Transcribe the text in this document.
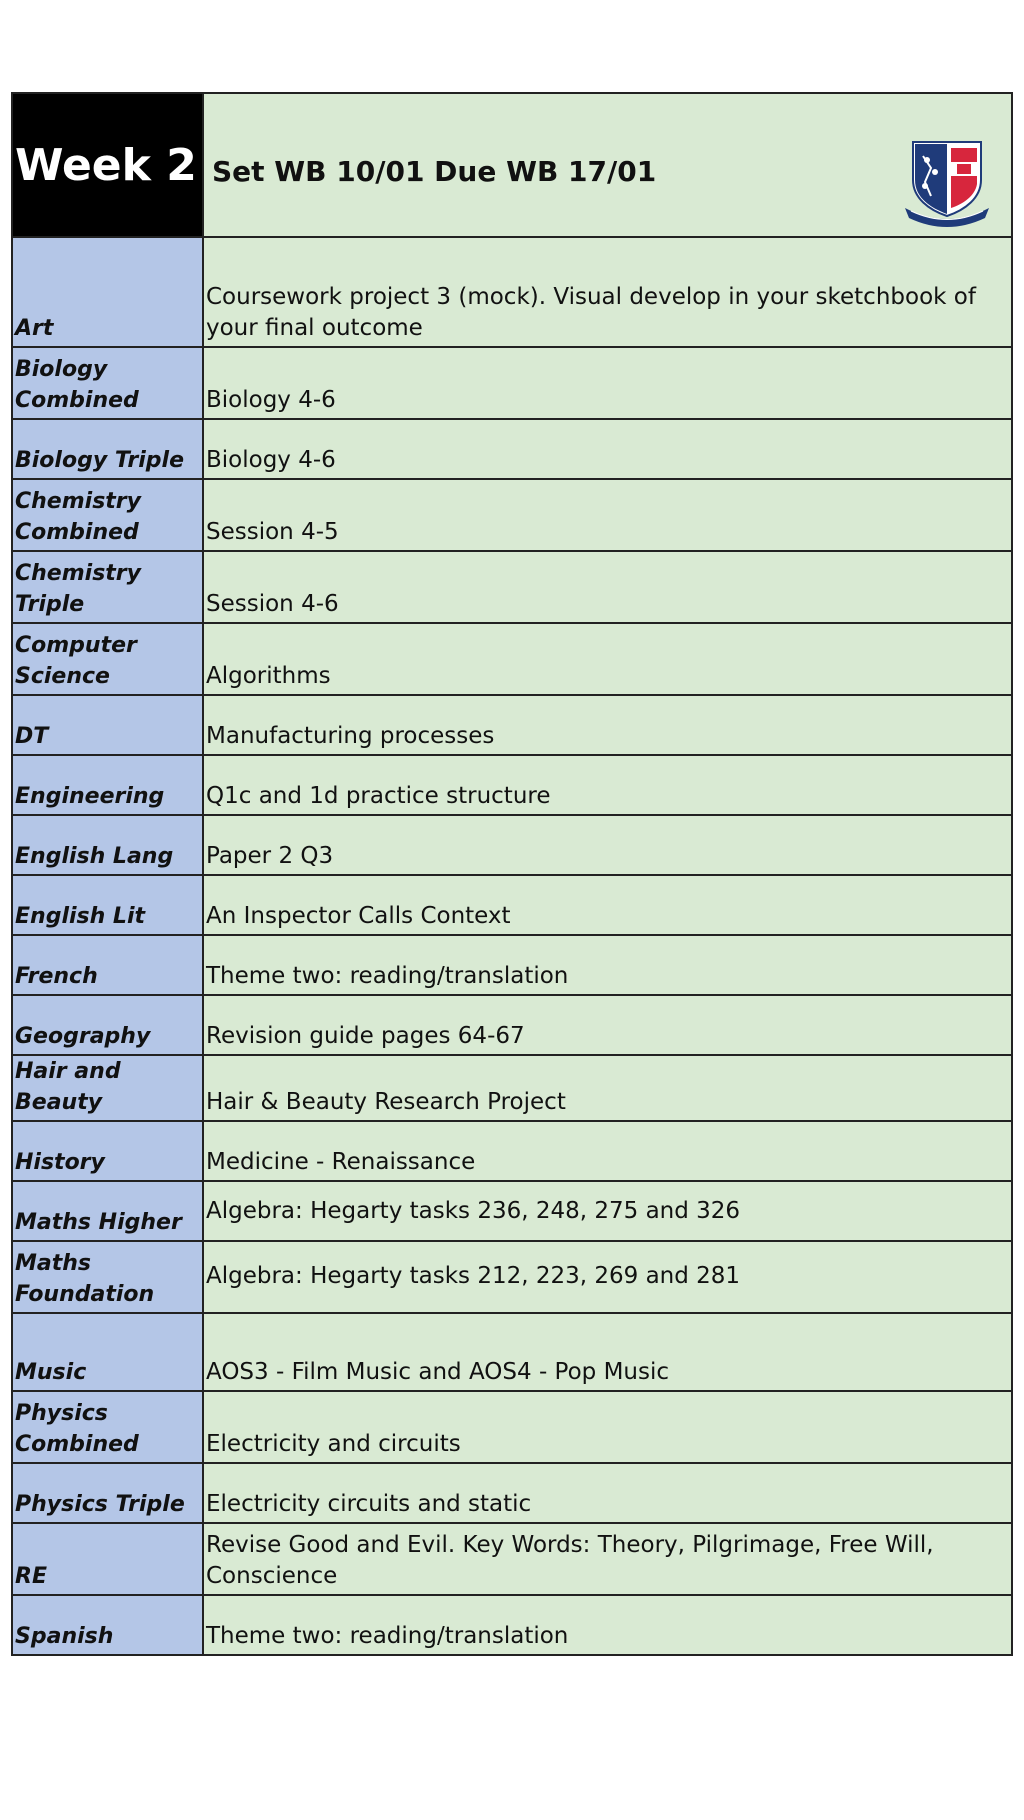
Week 2	Set WB 10/01 Due WB 17/01

Art	Coursework project 3 (mock). Visual develop in your sketchbook of your final outcome
Biology Combined	Biology 4-6
Biology Triple	Biology 4-6
Chemistry Combined	Session 4-5
Chemistry Triple	Session 4-6
Computer Science	Algorithms
DT	Manufacturing processes
Engineering	Q1c and 1d practice structure
English Lang	Paper 2 Q3
English Lit	An Inspector Calls Context
French	Theme two: reading/translation
Geography	Revision guide pages 64-67
Hair and Beauty	Hair & Beauty Research Project
History	Medicine - Renaissance
Maths Higher	Algebra: Hegarty tasks 236, 248, 275 and 326
Maths Foundation	Algebra: Hegarty tasks 212, 223, 269 and 281
Music	AOS3 - Film Music and AOS4 - Pop Music
Physics Combined	Electricity and circuits
Physics Triple	Electricity circuits and static
RE	Revise Good and Evil. Key Words: Theory, Pilgrimage, Free Will, Conscience
Spanish	Theme two: reading/translation
